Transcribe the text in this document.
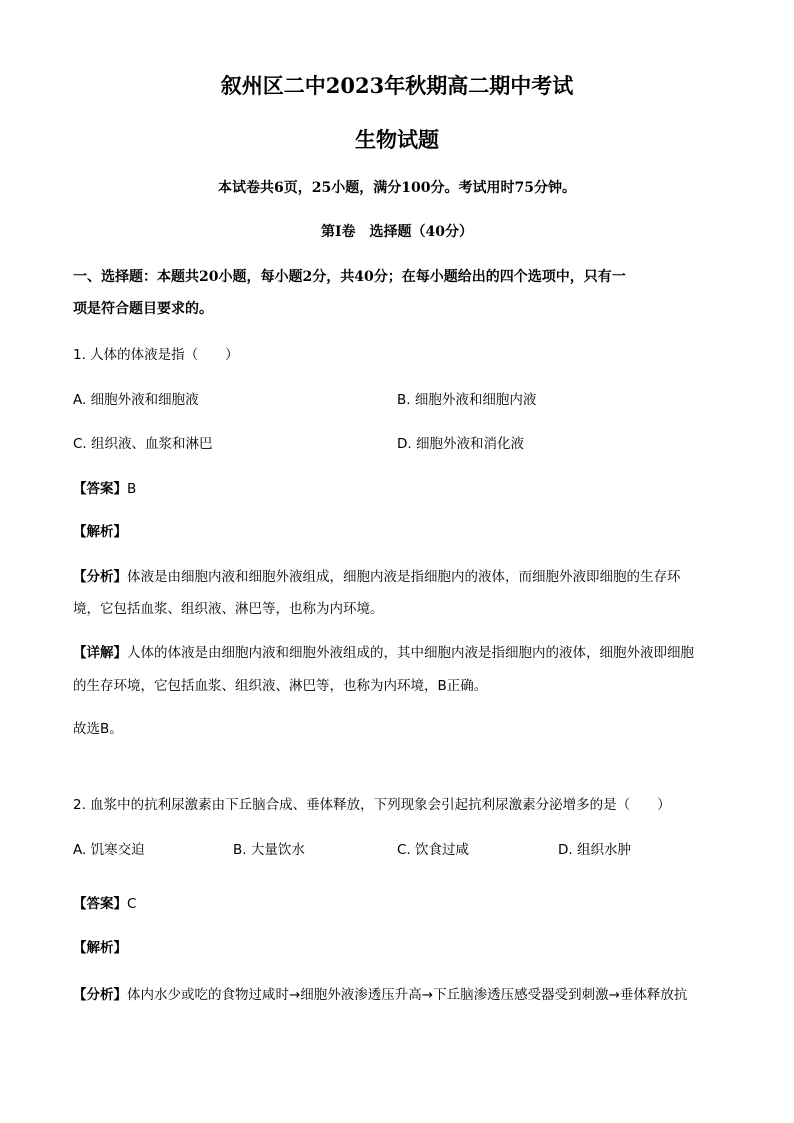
叙州区二中2023年秋期高二期中考试
生物试题
本试卷共6页，25小题，满分100分。考试用时75分钟。
第I卷　选择题（40分）
一、选择题：本题共20小题，每小题2分，共40分；在每小题给出的四个选项中，只有一
项是符合题目要求的。
1. 人体的体液是指（　　）
A. 细胞外液和细胞液	B. 细胞外液和细胞内液
C. 组织液、血浆和淋巴	D. 细胞外液和消化液
【答案】B
【解析】
【分析】体液是由细胞内液和细胞外液组成，细胞内液是指细胞内的液体，而细胞外液即细胞的生存环
境，它包括血浆、组织液、淋巴等，也称为内环境。
【详解】人体的体液是由细胞内液和细胞外液组成的，其中细胞内液是指细胞内的液体，细胞外液即细胞
的生存环境，它包括血浆、组织液、淋巴等，也称为内环境，B正确。
故选B。
2. 血浆中的抗利尿激素由下丘脑合成、垂体释放，下列现象会引起抗利尿激素分泌增多的是（　　）
A. 饥寒交迫	B. 大量饮水	C. 饮食过咸	D. 组织水肿
【答案】C
【解析】
【分析】体内水少或吃的食物过咸时→细胞外液渗透压升高→下丘脑渗透压感受器受到刺激→垂体释放抗
